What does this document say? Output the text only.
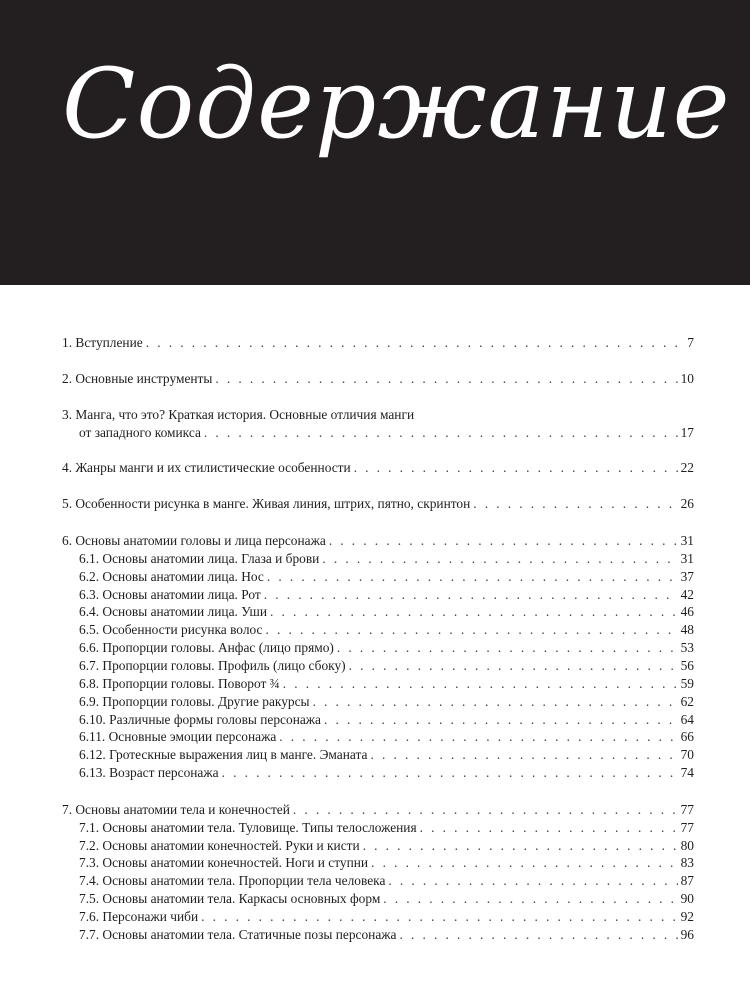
Содержание
1. Вступление . . .	7
2. Основные инструменты . . .	10
3. Манга, что это? Краткая история. Основные отличия манги
от западного комикса . . .	17
4. Жанры манги и их стилистические особенности . . .	22
5. Особенности рисунка в манге. Живая линия, штрих, пятно, скринтон . . .	26
6. Основы анатомии головы и лица персонажа . . .	31
6.1. Основы анатомии лица. Глаза и брови . . .	31
6.2. Основы анатомии лица. Нос . . .	37
6.3. Основы анатомии лица. Рот . . .	42
6.4. Основы анатомии лица. Уши . . .	46
6.5. Особенности рисунка волос . . .	48
6.6. Пропорции головы. Анфас (лицо прямо) . . .	53
6.7. Пропорции головы. Профиль (лицо сбоку) . . .	56
6.8. Пропорции головы. Поворот ¾ . . .	59
6.9. Пропорции головы. Другие ракурсы . . .	62
6.10. Различные формы головы персонажа . . .	64
6.11. Основные эмоции персонажа . . .	66
6.12. Гротескные выражения лиц в манге. Эманата . . .	70
6.13. Возраст персонажа . . .	74
7. Основы анатомии тела и конечностей . . .	77
7.1. Основы анатомии тела. Туловище. Типы телосложения . . .	77
7.2. Основы анатомии конечностей. Руки и кисти . . .	80
7.3. Основы анатомии конечностей. Ноги и ступни . . .	83
7.4. Основы анатомии тела. Пропорции тела человека . . .	87
7.5. Основы анатомии тела. Каркасы основных форм . . .	90
7.6. Персонажи чиби . . .	92
7.7. Основы анатомии тела. Статичные позы персонажа . . .	96
